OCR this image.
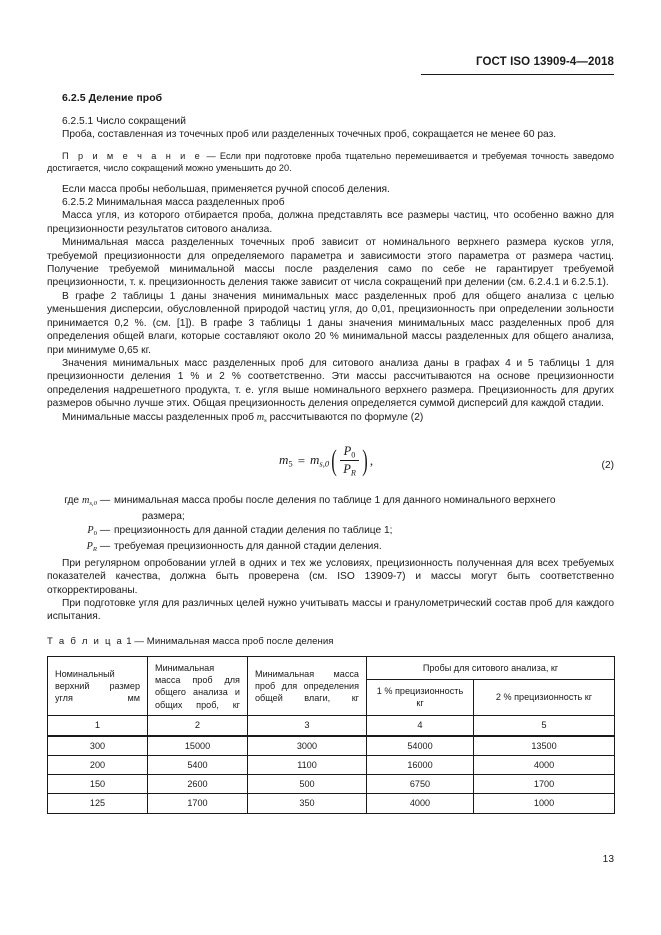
ГОСТ ISO 13909-4—2018
6.2.5 Деление проб

6.2.5.1 Число сокращений

Проба, составленная из точечных проб или разделенных точечных проб, сокращается не менее 60 раз.

П р и м е ч а н и е — Если при подготовке проба тщательно перемешивается и требуемая точность заведомо достигается, число сокращений можно уменьшить до 20.

Если масса пробы небольшая, применяется ручной способ деления.

6.2.5.2 Минимальная масса разделенных проб

Масса угля, из которого отбирается проба, должна представлять все размеры частиц, что особенно важно для прецизионности результатов ситового анализа.

Минимальная масса разделенных точечных проб зависит от номинального верхнего размера кусков угля, требуемой прецизионности для определяемого параметра и зависимости этого параметра от размера частиц. Получение требуемой минимальной массы после разделения само по себе не гарантирует требуемой прецизионности, т. к. прецизионность деления также зависит от числа сокращений при делении (см. 6.2.4.1 и 6.2.5.1).

В графе 2 таблицы 1 даны значения минимальных масс разделенных проб для общего анализа с целью уменьшения дисперсии, обусловленной природой частиц угля, до 0,01, прецизионность при определении зольности принимается 0,2 %. (см. [1]). В графе 3 таблицы 1 даны значения минимальных масс разделенных проб для определения общей влаги, которые составляют около 20 % минимальной массы разделенных для общего анализа, при минимуме 0,65 кг.

Значения минимальных масс разделенных проб для ситового анализа даны в графах 4 и 5 таблицы 1 для прецизионности деления 1 % и 2 % соответственно. Эти массы рассчитываются на основе прецизионности определения надрешетного продукта, т. е. угля выше номинального верхнего размера. Прецизионность для других размеров обычно лучше этих. Общая прецизионность деления определяется суммой дисперсий для каждой стадии.

Минимальные массы разделенных проб $m_s$ рассчитываются по формуле (2)

$m_5 = m_{s,0}$ ( $\frac{P_0}{P_R}$ ) ,	(2)
где $m_{s,0}$ — минимальная масса пробы после деления по таблице 1 для данного номинального верхнего
размера;
$P_0$ — прецизионность для данной стадии деления по таблице 1;
$P_R$ — требуемая прецизионность для данной стадии деления.

При регулярном опробовании углей в одних и тех же условиях, прецизионность полученная для всех требуемых показателей качества, должна быть проверена (см. ISO 13909-7) и массы могут быть соответственно откорректированы.

При подготовке угля для различных целей нужно учитывать массы и гранулометрический состав проб для каждого испытания.

Т а б л и ц а 1 — Минимальная масса проб после деления

Номинальный верхний размер угля мм	Минимальная масса проб для общего анализа и общих проб, кг	Минимальная масса проб для определения общей влаги, кг	Пробы для ситового анализа, кг	
			1 % прецизионность кг	2 % прецизионность кг
1	2	3	4	5
300	15000	3000	54000	13500
200	5400	1100	16000	4000
150	2600	500	6750	1700
125	1700	350	4000	1000
13
